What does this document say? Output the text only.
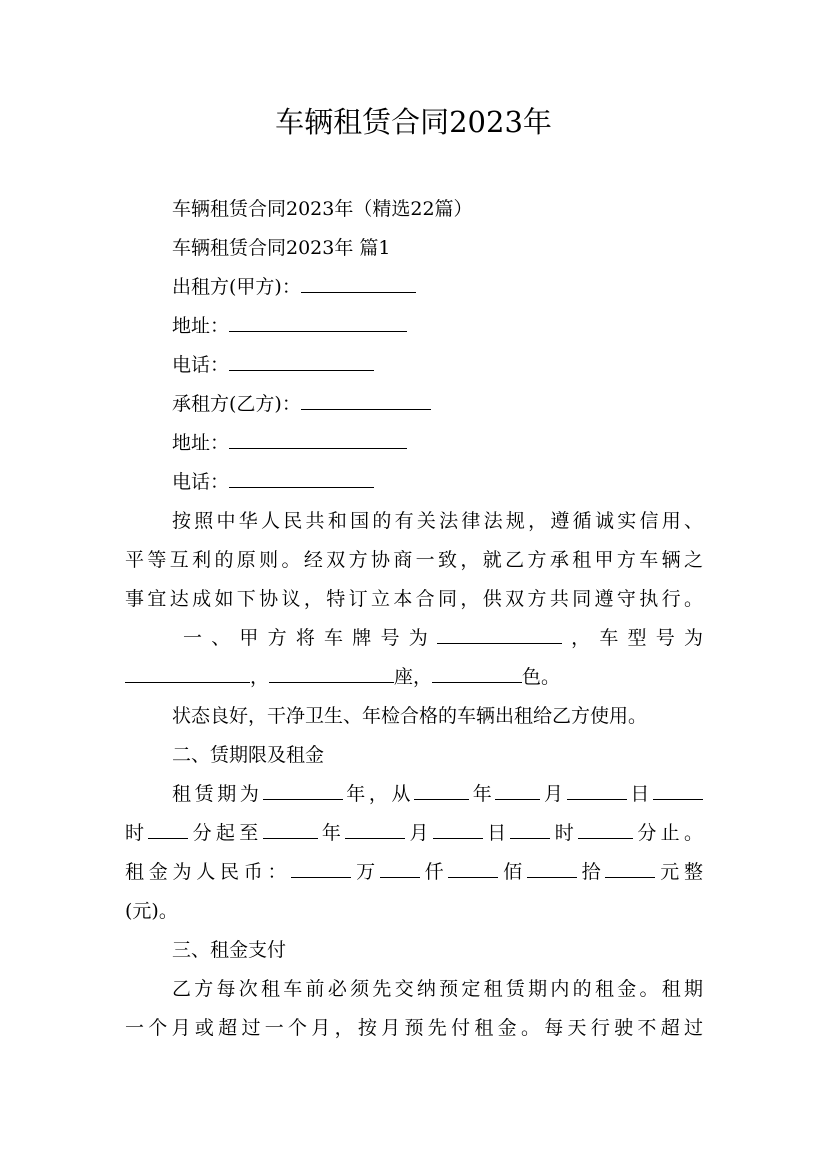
车辆租赁合同2023年
车辆租赁合同2023年（精选22篇）
车辆租赁合同2023年 篇1
出租方(甲方)：
地址：
电话：
承租方(乙方)：
地址：
电话：
按照中华人民共和国的有关法律法规，遵循诚实信用、
平等互利的原则。经双方协商一致，就乙方承租甲方车辆之
事宜达成如下协议，特订立本合同，供双方共同遵守执行。
一、甲方将车牌号为	，车型号为
，	座，	色。
状态良好，干净卫生、年检合格的车辆出租给乙方使用。
二、赁期限及租金
租赁期为	年，从	年 月	日
时 分起至	年	月	日 时	分止。
租金为人民币：	万 仟	佰	拾	元整
(元)。
三、租金支付
乙方每次租车前必须先交纳预定租赁期内的租金。租期
一个月或超过一个月，按月预先付租金。每天行驶不超过
